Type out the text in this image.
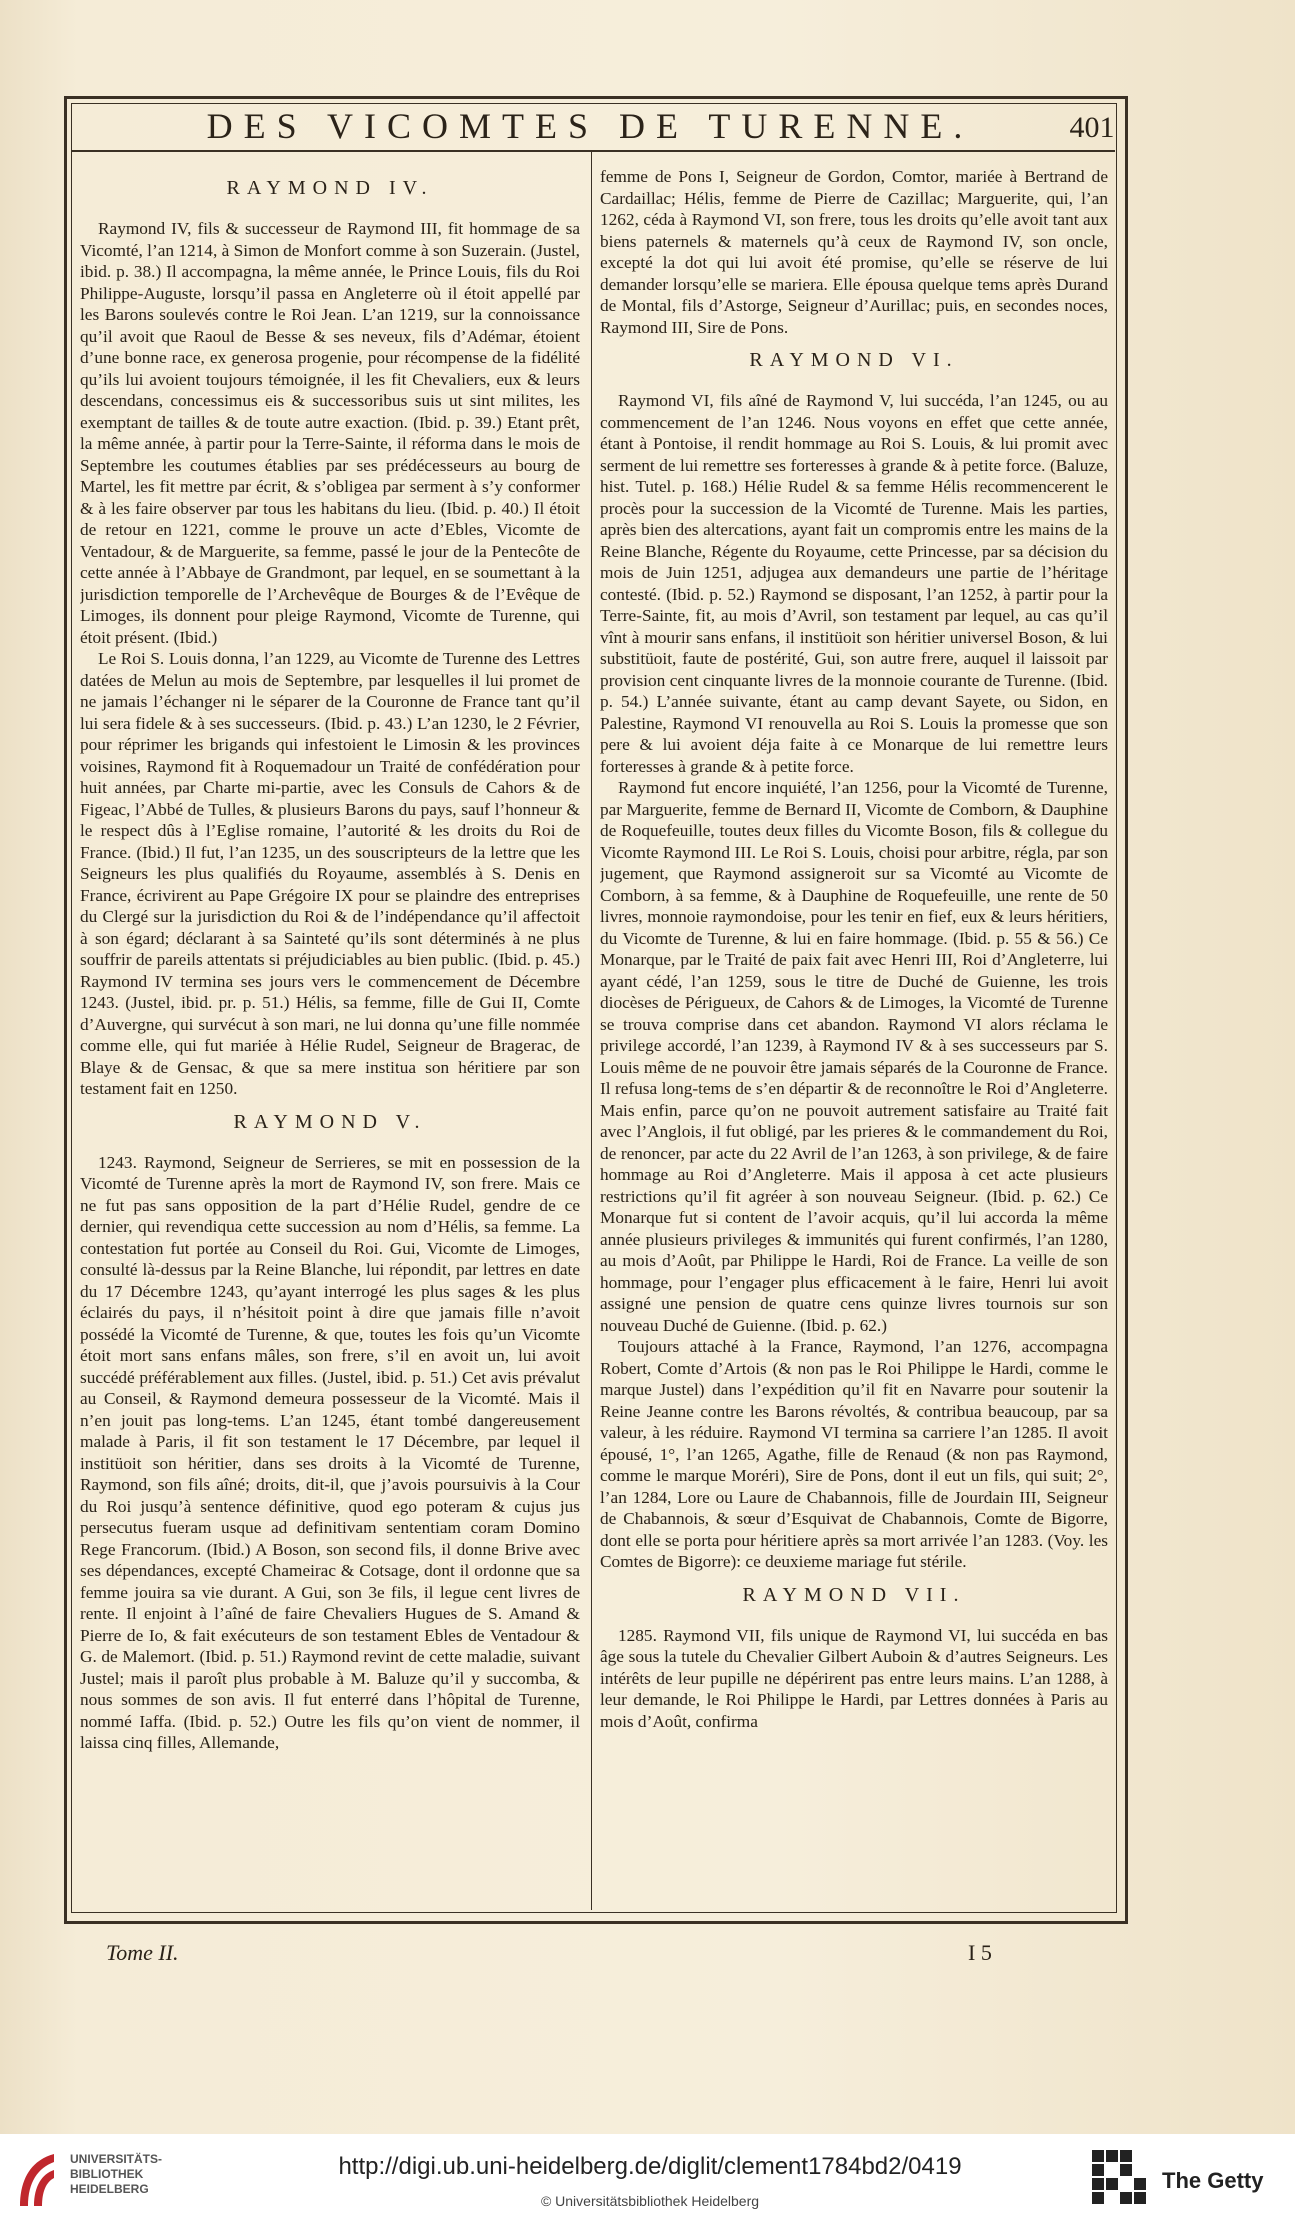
DES VICOMTES DE TURENNE.	401
RAYMOND IV.

Raymond IV, fils & successeur de Raymond III, fit hommage de sa Vicomté, l’an 1214, à Simon de Monfort comme à son Suzerain. (Justel, ibid. p. 38.) Il accompagna, la même année, le Prince Louis, fils du Roi Philippe-Auguste, lorsqu’il passa en Angleterre où il étoit appellé par les Barons soulevés contre le Roi Jean. L’an 1219, sur la connoissance qu’il avoit que Raoul de Besse & ses neveux, fils d’Adémar, étoient d’une bonne race, ex generosa progenie, pour récompense de la fidélité qu’ils lui avoient toujours témoignée, il les fit Chevaliers, eux & leurs descendans, concessimus eis & successoribus suis ut sint milites, les exemptant de tailles & de toute autre exaction. (Ibid. p. 39.) Etant prêt, la même année, à partir pour la Terre-Sainte, il réforma dans le mois de Septembre les coutumes établies par ses prédécesseurs au bourg de Martel, les fit mettre par écrit, & s’obligea par serment à s’y conformer & à les faire observer par tous les habitans du lieu. (Ibid. p. 40.) Il étoit de retour en 1221, comme le prouve un acte d’Ebles, Vicomte de Ventadour, & de Marguerite, sa femme, passé le jour de la Pentecôte de cette année à l’Abbaye de Grandmont, par lequel, en se soumettant à la jurisdiction temporelle de l’Archevêque de Bourges & de l’Evêque de Limoges, ils donnent pour pleige Raymond, Vicomte de Turenne, qui étoit présent. (Ibid.)

Le Roi S. Louis donna, l’an 1229, au Vicomte de Turenne des Lettres datées de Melun au mois de Septembre, par lesquelles il lui promet de ne jamais l’échanger ni le séparer de la Couronne de France tant qu’il lui sera fidele & à ses successeurs. (Ibid. p. 43.) L’an 1230, le 2 Février, pour réprimer les brigands qui infestoient le Limosin & les provinces voisines, Raymond fit à Roquemadour un Traité de confédération pour huit années, par Charte mi-partie, avec les Consuls de Cahors & de Figeac, l’Abbé de Tulles, & plusieurs Barons du pays, sauf l’honneur & le respect dûs à l’Eglise romaine, l’autorité & les droits du Roi de France. (Ibid.) Il fut, l’an 1235, un des souscripteurs de la lettre que les Seigneurs les plus qualifiés du Royaume, assemblés à S. Denis en France, écrivirent au Pape Grégoire IX pour se plaindre des entreprises du Clergé sur la jurisdiction du Roi & de l’indépendance qu’il affectoit à son égard; déclarant à sa Sainteté qu’ils sont déterminés à ne plus souffrir de pareils attentats si préjudiciables au bien public. (Ibid. p. 45.) Raymond IV termina ses jours vers le commencement de Décembre 1243. (Justel, ibid. pr. p. 51.) Hélis, sa femme, fille de Gui II, Comte d’Auvergne, qui survécut à son mari, ne lui donna qu’une fille nommée comme elle, qui fut mariée à Hélie Rudel, Seigneur de Bragerac, de Blaye & de Gensac, & que sa mere institua son héritiere par son testament fait en 1250.

RAYMOND V.

1243. Raymond, Seigneur de Serrieres, se mit en possession de la Vicomté de Turenne après la mort de Raymond IV, son frere. Mais ce ne fut pas sans opposition de la part d’Hélie Rudel, gendre de ce dernier, qui revendiqua cette succession au nom d’Hélis, sa femme. La contestation fut portée au Conseil du Roi. Gui, Vicomte de Limoges, consulté là-dessus par la Reine Blanche, lui répondit, par lettres en date du 17 Décembre 1243, qu’ayant interrogé les plus sages & les plus éclairés du pays, il n’hésitoit point à dire que jamais fille n’avoit possédé la Vicomté de Turenne, & que, toutes les fois qu’un Vicomte étoit mort sans enfans mâles, son frere, s’il en avoit un, lui avoit succédé préférablement aux filles. (Justel, ibid. p. 51.) Cet avis prévalut au Conseil, & Raymond demeura possesseur de la Vicomté. Mais il n’en jouit pas long-tems. L’an 1245, étant tombé dangereusement malade à Paris, il fit son testament le 17 Décembre, par lequel il institüoit son héritier, dans ses droits à la Vicomté de Turenne, Raymond, son fils aîné; droits, dit-il, que j’avois poursuivis à la Cour du Roi jusqu’à sentence définitive, quod ego poteram & cujus jus persecutus fueram usque ad definitivam sententiam coram Domino Rege Francorum. (Ibid.) A Boson, son second fils, il donne Brive avec ses dépendances, excepté Chameirac & Cotsage, dont il ordonne que sa femme jouira sa vie durant. A Gui, son 3e fils, il legue cent livres de rente. Il enjoint à l’aîné de faire Chevaliers Hugues de S. Amand & Pierre de Io, & fait exécuteurs de son testament Ebles de Ventadour & G. de Malemort. (Ibid. p. 51.) Raymond revint de cette maladie, suivant Justel; mais il paroît plus probable à M. Baluze qu’il y succomba, & nous sommes de son avis. Il fut enterré dans l’hôpital de Turenne, nommé Iaffa. (Ibid. p. 52.) Outre les fils qu’on vient de nommer, il laissa cinq filles, Allemande,

femme de Pons I, Seigneur de Gordon, Comtor, mariée à Bertrand de Cardaillac; Hélis, femme de Pierre de Cazillac; Marguerite, qui, l’an 1262, céda à Raymond VI, son frere, tous les droits qu’elle avoit tant aux biens paternels & maternels qu’à ceux de Raymond IV, son oncle, excepté la dot qui lui avoit été promise, qu’elle se réserve de lui demander lorsqu’elle se mariera. Elle épousa quelque tems après Durand de Montal, fils d’Astorge, Seigneur d’Aurillac; puis, en secondes noces, Raymond III, Sire de Pons.

RAYMOND VI.

Raymond VI, fils aîné de Raymond V, lui succéda, l’an 1245, ou au commencement de l’an 1246. Nous voyons en effet que cette année, étant à Pontoise, il rendit hommage au Roi S. Louis, & lui promit avec serment de lui remettre ses forteresses à grande & à petite force. (Baluze, hist. Tutel. p. 168.) Hélie Rudel & sa femme Hélis recommencerent le procès pour la succession de la Vicomté de Turenne. Mais les parties, après bien des altercations, ayant fait un compromis entre les mains de la Reine Blanche, Régente du Royaume, cette Princesse, par sa décision du mois de Juin 1251, adjugea aux demandeurs une partie de l’héritage contesté. (Ibid. p. 52.) Raymond se disposant, l’an 1252, à partir pour la Terre-Sainte, fit, au mois d’Avril, son testament par lequel, au cas qu’il vînt à mourir sans enfans, il institüoit son héritier universel Boson, & lui substitüoit, faute de postérité, Gui, son autre frere, auquel il laissoit par provision cent cinquante livres de la monnoie courante de Turenne. (Ibid. p. 54.) L’année suivante, étant au camp devant Sayete, ou Sidon, en Palestine, Raymond VI renouvella au Roi S. Louis la promesse que son pere & lui avoient déja faite à ce Monarque de lui remettre leurs forteresses à grande & à petite force.

Raymond fut encore inquiété, l’an 1256, pour la Vicomté de Turenne, par Marguerite, femme de Bernard II, Vicomte de Comborn, & Dauphine de Roquefeuille, toutes deux filles du Vicomte Boson, fils & collegue du Vicomte Raymond III. Le Roi S. Louis, choisi pour arbitre, régla, par son jugement, que Raymond assigneroit sur sa Vicomté au Vicomte de Comborn, à sa femme, & à Dauphine de Roquefeuille, une rente de 50 livres, monnoie raymondoise, pour les tenir en fief, eux & leurs héritiers, du Vicomte de Turenne, & lui en faire hommage. (Ibid. p. 55 & 56.) Ce Monarque, par le Traité de paix fait avec Henri III, Roi d’Angleterre, lui ayant cédé, l’an 1259, sous le titre de Duché de Guienne, les trois diocèses de Périgueux, de Cahors & de Limoges, la Vicomté de Turenne se trouva comprise dans cet abandon. Raymond VI alors réclama le privilege accordé, l’an 1239, à Raymond IV & à ses successeurs par S. Louis même de ne pouvoir être jamais séparés de la Couronne de France. Il refusa long-tems de s’en départir & de reconnoître le Roi d’Angleterre. Mais enfin, parce qu’on ne pouvoit autrement satisfaire au Traité fait avec l’Anglois, il fut obligé, par les prieres & le commandement du Roi, de renoncer, par acte du 22 Avril de l’an 1263, à son privilege, & de faire hommage au Roi d’Angleterre. Mais il apposa à cet acte plusieurs restrictions qu’il fit agréer à son nouveau Seigneur. (Ibid. p. 62.) Ce Monarque fut si content de l’avoir acquis, qu’il lui accorda la même année plusieurs privileges & immunités qui furent confirmés, l’an 1280, au mois d’Août, par Philippe le Hardi, Roi de France. La veille de son hommage, pour l’engager plus efficacement à le faire, Henri lui avoit assigné une pension de quatre cens quinze livres tournois sur son nouveau Duché de Guienne. (Ibid. p. 62.)

Toujours attaché à la France, Raymond, l’an 1276, accompagna Robert, Comte d’Artois (& non pas le Roi Philippe le Hardi, comme le marque Justel) dans l’expédition qu’il fit en Navarre pour soutenir la Reine Jeanne contre les Barons révoltés, & contribua beaucoup, par sa valeur, à les réduire. Raymond VI termina sa carriere l’an 1285. Il avoit épousé, 1°, l’an 1265, Agathe, fille de Renaud (& non pas Raymond, comme le marque Moréri), Sire de Pons, dont il eut un fils, qui suit; 2°, l’an 1284, Lore ou Laure de Chabannois, fille de Jourdain III, Seigneur de Chabannois, & sœur d’Esquivat de Chabannois, Comte de Bigorre, dont elle se porta pour héritiere après sa mort arrivée l’an 1283. (Voy. les Comtes de Bigorre): ce deuxieme mariage fut stérile.

RAYMOND VII.

1285. Raymond VII, fils unique de Raymond VI, lui succéda en bas âge sous la tutele du Chevalier Gilbert Auboin & d’autres Seigneurs. Les intérêts de leur pupille ne dépérirent pas entre leurs mains. L’an 1288, à leur demande, le Roi Philippe le Hardi, par Lettres données à Paris au mois d’Août, confirma

Tome II.	I 5
UNIVERSITÄTS-
BIBLIOTHEK
HEIDELBERG
http://digi.ub.uni-heidelberg.de/diglit/clement1784bd2/0419
© Universitätsbibliothek Heidelberg
The Getty
